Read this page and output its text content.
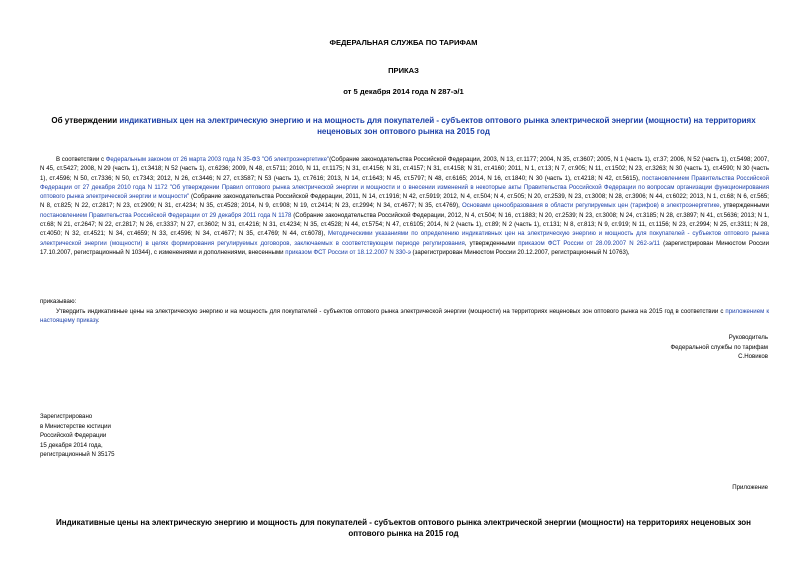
ФЕДЕРАЛЬНАЯ СЛУЖБА ПО ТАРИФАМ
ПРИКАЗ
от 5 декабря 2014 года N 287-э/1
Об утверждении индикативных цен на электрическую энергию и на мощность для покупателей - субъектов оптового рынка электрической энергии (мощности) на территориях неценовых зон оптового рынка на 2015 год
В соответствии с Федеральным законом от 26 марта 2003 года N 35-ФЗ "Об электроэнергетике"(Собрание законодательства Российской Федерации, 2003, N 13, ст.1177; 2004, N 35, ст.3607; 2005, N 1 (часть 1), ст.37; 2006, N 52 (часть 1), ст.5498; 2007, N 45, ст.5427; 2008, N 29 (часть 1), ст.3418; N 52 (часть 1), ст.6236; 2009, N 48, ст.5711; 2010, N 11, ст.1175; N 31, ст.4156; N 31, ст.4157; N 31, ст.4158; N 31, ст.4160; 2011, N 1, ст.13; N 7, ст.905; N 11, ст.1502; N 23, ст.3263; N 30 (часть 1), ст.4590; N 30 (часть 1), ст.4596; N 50, ст.7336; N 50, ст.7343; 2012, N 26, ст.3446; N 27, ст.3587; N 53 (часть 1), ст.7616; 2013, N 14, ст.1643; N 45, ст.5797; N 48, ст.6165; 2014, N 16, ст.1840; N 30 (часть 1), ст.4218; N 42, ст.5615), постановлением Правительства Российской Федерации от 27 декабря 2010 года N 1172 "Об утверждении Правил оптового рынка электрической энергии и мощности и о внесении изменений в некоторые акты Правительства Российской Федерации по вопросам организации функционирования оптового рынка электрической энергии и мощности" (Собрание законодательства Российской Федерации, 2011, N 14, ст.1916; N 42, ст.5919; 2012, N 4, ст.504; N 4, ст.505; N 20, ст.2539, N 23, ст.3008; N 28, ст.3906; N 44, ст.6022; 2013, N 1, ст.68; N 6, ст.565; N 8, ст.825; N 22, ст.2817; N 23, ст.2909; N 31, ст.4234; N 35, ст.4528; 2014, N 9, ст.908; N 19, ст.2414; N 23, ст.2994; N 34, ст.4677; N 35, ст.4769), Основами ценообразования в области регулируемых цен (тарифов) в электроэнергетике, утвержденными постановлением Правительства Российской Федерации от 29 декабря 2011 года N 1178 (Собрание законодательства Российской Федерации, 2012, N 4, ст.504; N 16, ст.1883; N 20, ст.2539; N 23, ст.3008; N 24, ст.3185; N 28, ст.3897; N 41, ст.5636; 2013; N 1, ст.68; N 21, ст.2647; N 22, ст.2817; N 26, ст.3337; N 27, ст.3602; N 31, ст.4216; N 31, ст.4234; N 35, ст.4528; N 44, ст.5754; N 47, ст.6105; 2014, N 2 (часть 1), ст.89; N 2 (часть 1), ст.131; N 8, ст.813; N 9, ст.919; N 11, ст.1156; N 23, ст.2994; N 25, ст.3311; N 28, ст.4050; N 32, ст.4521; N 34, ст.4659; N 33, ст.4596; N 34, ст.4677; N 35, ст.4769; N 44, ст.6078), Методическими указаниями по определению индикативных цен на электрическую энергию и мощность для покупателей - субъектов оптового рынка электрической энергии (мощности) в целях формирования регулируемых договоров, заключаемых в соответствующем периоде регулирования, утвержденными приказом ФСТ России от 28.09.2007 N 262-э/11 (зарегистрирован Минюстом России 17.10.2007, регистрационный N 10344), с изменениями и дополнениями, внесенными приказом ФСТ России от 18.12.2007 N 330-э (зарегистрирован Минюстом России 20.12.2007, регистрационный N 10763),
приказываю:
Утвердить индикативные цены на электрическую энергию и на мощность для покупателей - субъектов оптового рынка электрической энергии (мощности) на территориях неценовых зон оптового рынка на 2015 год в соответствии с приложением к настоящему приказу.
Руководитель
Федеральной службы по тарифам
С.Новиков
Зарегистрировано
в Министерстве юстиции
Российской Федерации
15 декабря 2014 года,
регистрационный N 35175
Приложение
Индикативные цены на электрическую энергию и мощность для покупателей - субъектов оптового рынка электрической энергии (мощности) на территориях неценовых зон оптового рынка на 2015 год
